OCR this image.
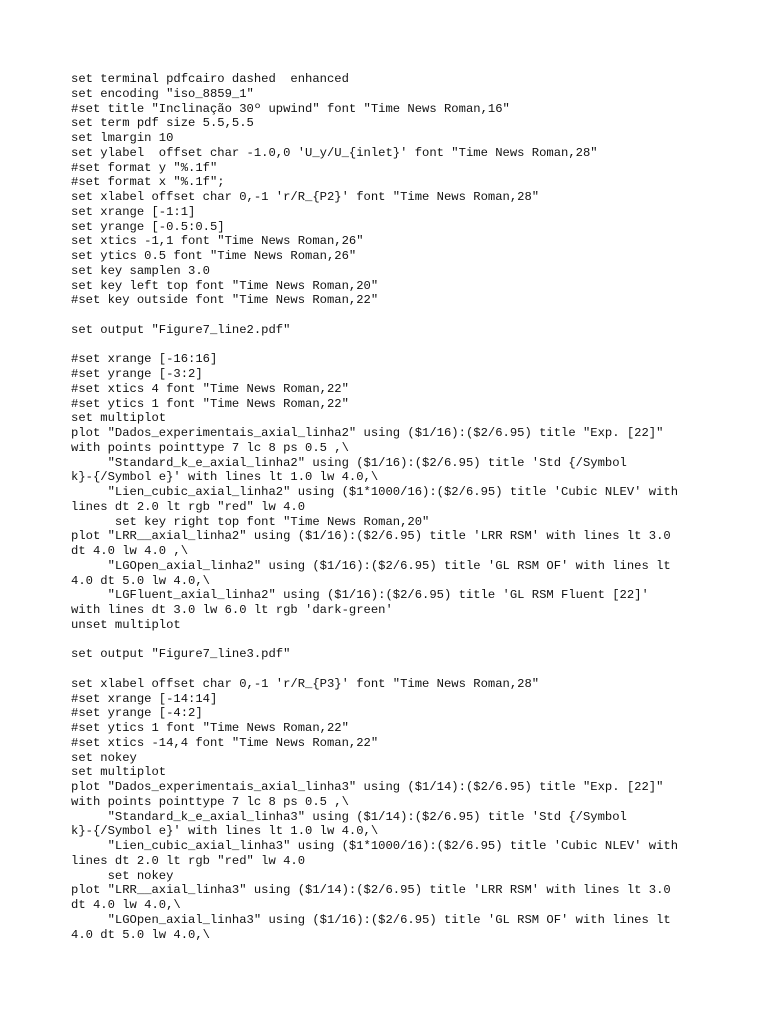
set terminal pdfcairo dashed  enhanced
set encoding "iso_8859_1"
#set title "Inclinação 30º upwind" font "Time News Roman,16"
set term pdf size 5.5,5.5
set lmargin 10
set ylabel  offset char -1.0,0 'U_y/U_{inlet}' font "Time News Roman,28"
#set format y "%.1f"
#set format x "%.1f";
set xlabel offset char 0,-1 'r/R_{P2}' font "Time News Roman,28"
set xrange [-1:1]
set yrange [-0.5:0.5]
set xtics -1,1 font "Time News Roman,26"
set ytics 0.5 font "Time News Roman,26"
set key samplen 3.0
set key left top font "Time News Roman,20"
#set key outside font "Time News Roman,22"
set output "Figure7_line2.pdf"
#set xrange [-16:16]
#set yrange [-3:2]
#set xtics 4 font "Time News Roman,22"
#set ytics 1 font "Time News Roman,22"
set multiplot
plot "Dados_experimentais_axial_linha2" using ($1/16):($2/6.95) title "Exp. [22]"
with points pointtype 7 lc 8 ps 0.5 ,\
"Standard_k_e_axial_linha2" using ($1/16):($2/6.95) title 'Std {/Symbol
k}-{/Symbol e}' with lines lt 1.0 lw 4.0,\
"Lien_cubic_axial_linha2" using ($1*1000/16):($2/6.95) title 'Cubic NLEV' with
lines dt 2.0 lt rgb "red" lw 4.0
set key right top font "Time News Roman,20"
plot "LRR__axial_linha2" using ($1/16):($2/6.95) title 'LRR RSM' with lines lt 3.0
dt 4.0 lw 4.0 ,\
"LGOpen_axial_linha2" using ($1/16):($2/6.95) title 'GL RSM OF' with lines lt
4.0 dt 5.0 lw 4.0,\
"LGFluent_axial_linha2" using ($1/16):($2/6.95) title 'GL RSM Fluent [22]'
with lines dt 3.0 lw 6.0 lt rgb 'dark-green'
unset multiplot
set output "Figure7_line3.pdf"
set xlabel offset char 0,-1 'r/R_{P3}' font "Time News Roman,28"
#set xrange [-14:14]
#set yrange [-4:2]
#set ytics 1 font "Time News Roman,22"
#set xtics -14,4 font "Time News Roman,22"
set nokey
set multiplot
plot "Dados_experimentais_axial_linha3" using ($1/14):($2/6.95) title "Exp. [22]"
with points pointtype 7 lc 8 ps 0.5 ,\
"Standard_k_e_axial_linha3" using ($1/14):($2/6.95) title 'Std {/Symbol
k}-{/Symbol e}' with lines lt 1.0 lw 4.0,\
"Lien_cubic_axial_linha3" using ($1*1000/16):($2/6.95) title 'Cubic NLEV' with
lines dt 2.0 lt rgb "red" lw 4.0
set nokey
plot "LRR__axial_linha3" using ($1/14):($2/6.95) title 'LRR RSM' with lines lt 3.0
dt 4.0 lw 4.0,\
"LGOpen_axial_linha3" using ($1/16):($2/6.95) title 'GL RSM OF' with lines lt
4.0 dt 5.0 lw 4.0,\
